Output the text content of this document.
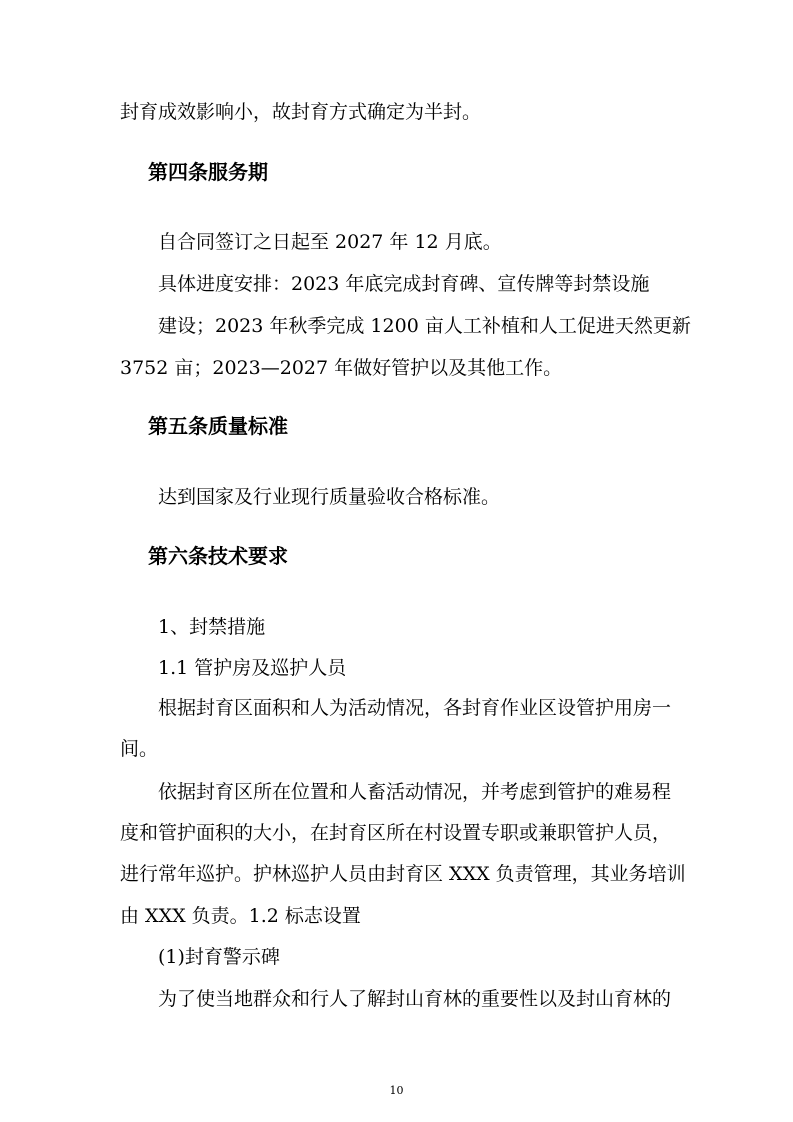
封育成效影响小，故封育方式确定为半封。
第四条服务期
自合同签订之日起至 2027 年 12 月底。
具体进度安排：2023 年底完成封育碑、宣传牌等封禁设施
建设；2023 年秋季完成 1200 亩人工补植和人工促进天然更新
3752 亩；2023—2027 年做好管护以及其他工作。
第五条质量标准
达到国家及行业现行质量验收合格标准。
第六条技术要求
1、封禁措施
1.1 管护房及巡护人员
根据封育区面积和人为活动情况，各封育作业区设管护用房一
间。
依据封育区所在位置和人畜活动情况，并考虑到管护的难易程
度和管护面积的大小，在封育区所在村设置专职或兼职管护人员，
进行常年巡护。护林巡护人员由封育区 XXX 负责管理，其业务培训
由 XXX 负责。1.2 标志设置
(1)封育警示碑
为了使当地群众和行人了解封山育林的重要性以及封山育林的
10
